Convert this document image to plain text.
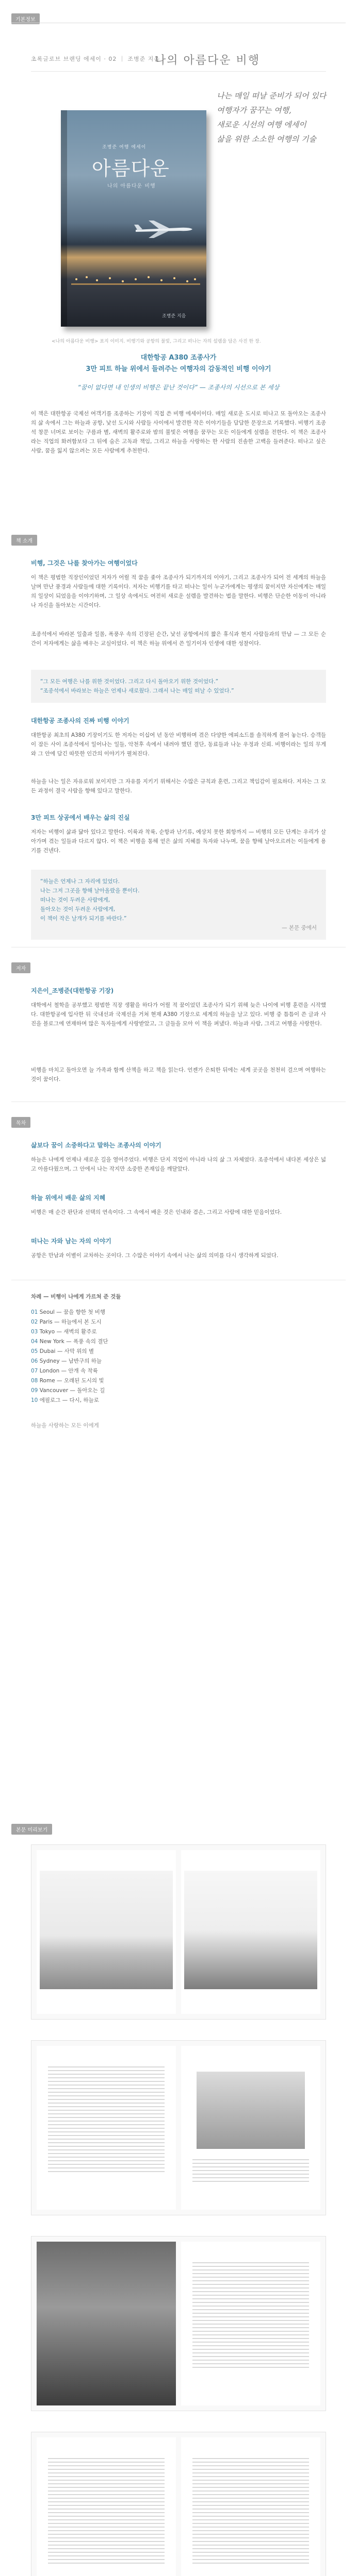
기본정보
초록글로브 브랜딩 에세이 · 02 ｜ 조병준 지음
나의 아름다운 비행
나는 매일 떠날 준비가 되어 있다
여행자가 꿈꾸는 여행,
새로운 시선의 여행 에세이
삶을 위한 소소한 여행의 기술
조병준 여행 에세이
아름다운
나의 아름다운 비행
조병준 지음
<나의 아름다운 비행> 표지 이미지. 비행기와 공항의 불빛, 그리고 떠나는 자의 설렘을 담은 사진 한 장.
대한항공 A380 조종사가
3만 피트 하늘 위에서 들려주는 여행자의 감동적인 비행 이야기
“꿈이 없다면 내 인생의 비행은 끝난 것이다” — 조종사의 시선으로 본 세상
이 책은 대한항공 국제선 여객기를 조종하는 기장이 직접 쓴 비행 에세이이다. 매일 새로운 도시로 떠나고 또 돌아오는 조종사의 삶 속에서 그는 하늘과 공항, 낯선 도시와 사람들 사이에서 발견한 작은 이야기들을 담담한 문장으로 기록했다. 비행기 조종석 창문 너머로 보이는 구름과 별, 새벽의 활주로와 밤의 불빛은 여행을 꿈꾸는 모든 이들에게 설렘을 전한다. 이 책은 조종사라는 직업의 화려함보다 그 뒤에 숨은 고독과 책임, 그리고 하늘을 사랑하는 한 사람의 진솔한 고백을 들려준다. 떠나고 싶은 사람, 꿈을 잃지 않으려는 모든 사람에게 추천한다.
책 소개
비행, 그것은 나를 찾아가는 여행이었다
이 책은 평범한 직장인이었던 저자가 어릴 적 꿈을 좇아 조종사가 되기까지의 이야기, 그리고 조종사가 되어 전 세계의 하늘을 날며 만난 풍경과 사람들에 대한 기록이다. 저자는 비행기를 타고 떠나는 일이 누군가에게는 평생의 꿈이지만 자신에게는 매일의 일상이 되었음을 이야기하며, 그 일상 속에서도 여전히 새로운 설렘을 발견하는 법을 말한다. 비행은 단순한 이동이 아니라 나 자신을 돌아보는 시간이다.
조종석에서 바라본 일출과 일몰, 폭풍우 속의 긴장된 순간, 낯선 공항에서의 짧은 휴식과 현지 사람들과의 만남 — 그 모든 순간이 저자에게는 삶을 배우는 교실이었다. 이 책은 하늘 위에서 쓴 일기이자 인생에 대한 성찰이다.
“그 모든 여행은 나를 위한 것이었다. 그리고 다시 돌아오기 위한 것이었다.”
“조종석에서 바라보는 하늘은 언제나 새로웠다. 그래서 나는 매일 떠날 수 있었다.”
대한항공 조종사의 진짜 비행 이야기
대한항공 최초의 A380 기장이기도 한 저자는 이십여 년 동안 비행하며 겪은 다양한 에피소드를 솔직하게 풀어 놓는다. 승객들이 잠든 사이 조종석에서 일어나는 일들, 악천후 속에서 내려야 했던 결단, 동료들과 나눈 우정과 신뢰. 비행이라는 일의 무게와 그 안에 담긴 따뜻한 인간의 이야기가 펼쳐진다.
하늘을 나는 일은 자유로워 보이지만 그 자유를 지키기 위해서는 수많은 규칙과 훈련, 그리고 책임감이 필요하다. 저자는 그 모든 과정이 결국 사람을 향해 있다고 말한다.
3만 피트 상공에서 배우는 삶의 진실
저자는 비행이 삶과 닮아 있다고 말한다. 이륙과 착륙, 순항과 난기류, 예상치 못한 회항까지 — 비행의 모든 단계는 우리가 살아가며 겪는 일들과 다르지 않다. 이 책은 비행을 통해 얻은 삶의 지혜를 독자와 나누며, 꿈을 향해 날아오르려는 이들에게 용기를 건넨다.
“하늘은 언제나 그 자리에 있었다.
나는 그저 그곳을 향해 날아올랐을 뿐이다.
떠나는 것이 두려운 사람에게,
돌아오는 것이 두려운 사람에게,
이 책이 작은 날개가 되기를 바란다.”
— 본문 중에서
저자
지은이_조병준(대한항공 기장)
대학에서 철학을 공부했고 평범한 직장 생활을 하다가 어릴 적 꿈이었던 조종사가 되기 위해 늦은 나이에 비행 훈련을 시작했다. 대한항공에 입사한 뒤 국내선과 국제선을 거쳐 현재 A380 기장으로 세계의 하늘을 날고 있다. 비행 중 틈틈이 쓴 글과 사진을 블로그에 연재하며 많은 독자들에게 사랑받았고, 그 글들을 모아 이 책을 펴냈다. 하늘과 사람, 그리고 여행을 사랑한다.
비행을 마치고 돌아오면 늘 가족과 함께 산책을 하고 책을 읽는다. 언젠가 은퇴한 뒤에는 세계 곳곳을 천천히 걸으며 여행하는 것이 꿈이다.
목차
삶보다 꿈이 소중하다고 말하는 조종사의 이야기
하늘은 나에게 언제나 새로운 길을 열어주었다. 비행은 단지 직업이 아니라 나의 삶 그 자체였다. 조종석에서 내다본 세상은 넓고 아름다웠으며, 그 안에서 나는 작지만 소중한 존재임을 깨달았다.
하늘 위에서 배운 삶의 지혜
비행은 매 순간 판단과 선택의 연속이다. 그 속에서 배운 것은 인내와 겸손, 그리고 사람에 대한 믿음이었다.
떠나는 자와 남는 자의 이야기
공항은 만남과 이별이 교차하는 곳이다. 그 수많은 이야기 속에서 나는 삶의 의미를 다시 생각하게 되었다.
차례 — 비행이 나에게 가르쳐 준 것들
01 Seoul — 꿈을 향한 첫 비행
02 Paris — 하늘에서 본 도시
03 Tokyo — 새벽의 활주로
04 New York — 폭풍 속의 결단
05 Dubai — 사막 위의 별
06 Sydney — 남반구의 하늘
07 London — 안개 속 착륙
08 Rome — 오래된 도시의 빛
09 Vancouver — 돌아오는 길
10 에필로그 — 다시, 하늘로
하늘을 사랑하는 모든 이에게
본문 미리보기
